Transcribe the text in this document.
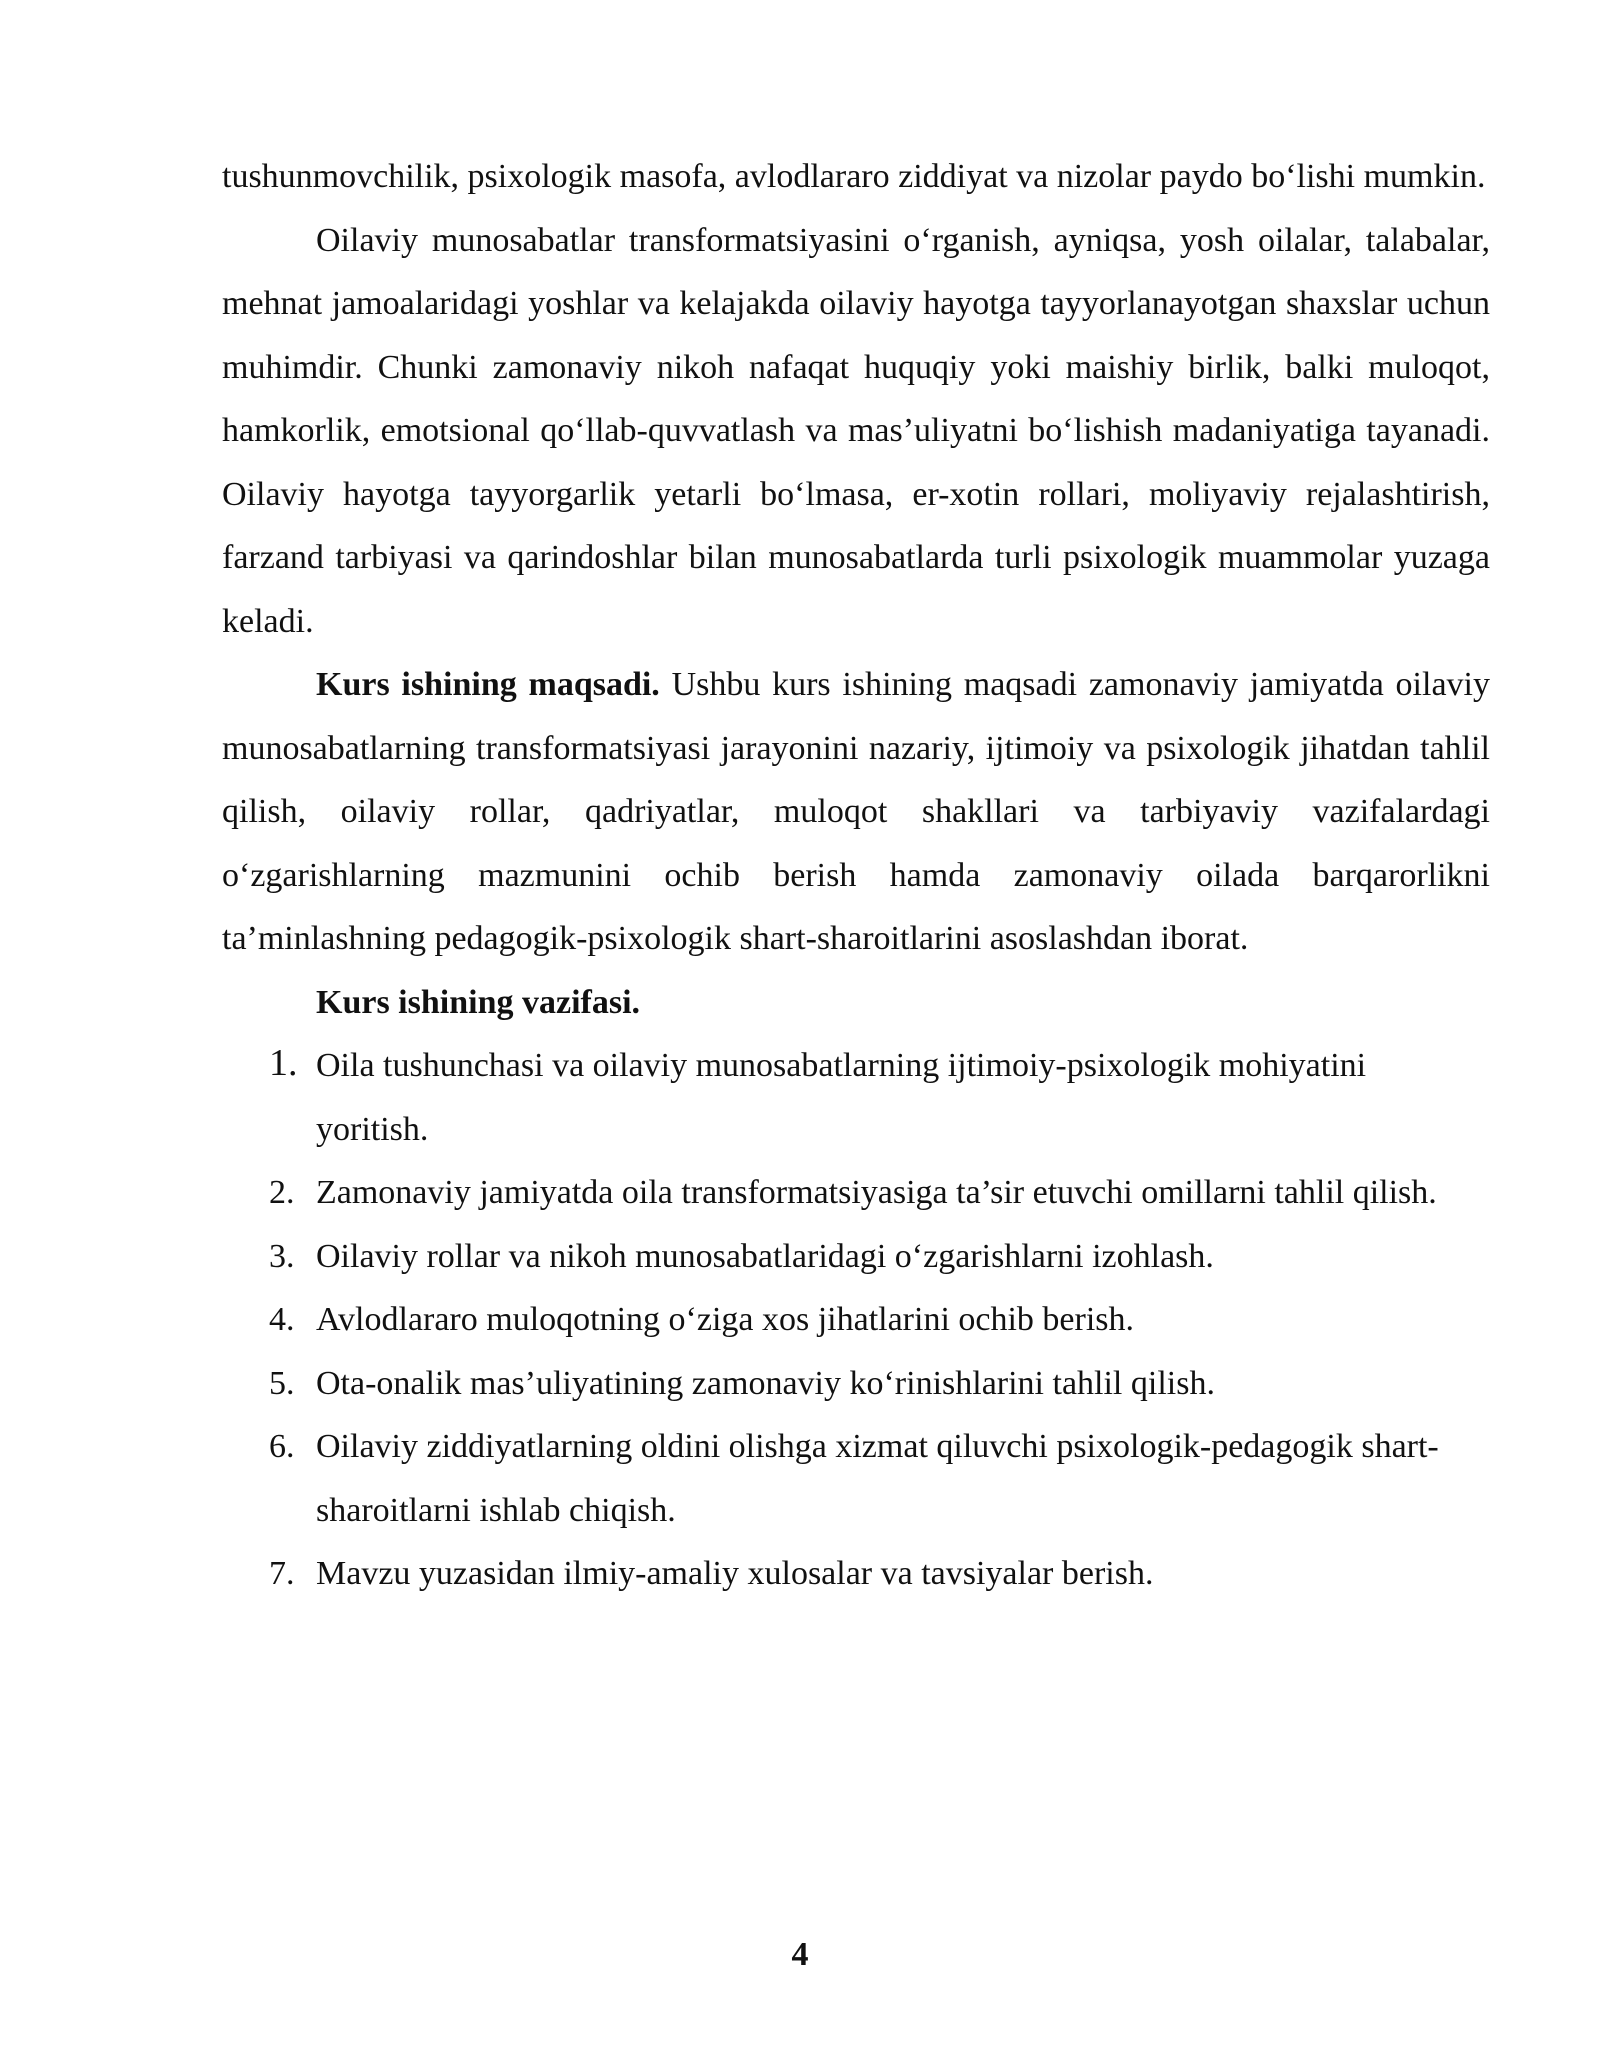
tushunmovchilik, psixologik masofa, avlodlararo ziddiyat va nizolar paydo bo‘lishi mumkin.

Oilaviy munosabatlar transformatsiyasini o‘rganish, ayniqsa, yosh oilalar, talabalar, mehnat jamoalaridagi yoshlar va kelajakda oilaviy hayotga tayyorlanayotgan shaxslar uchun muhimdir. Chunki zamonaviy nikoh nafaqat huquqiy yoki maishiy birlik, balki muloqot, hamkorlik, emotsional qo‘llab-quvvatlash va mas’uliyatni bo‘lishish madaniyatiga tayanadi. Oilaviy hayotga tayyorgarlik yetarli bo‘lmasa, er-xotin rollari, moliyaviy rejalashtirish, farzand tarbiyasi va qarindoshlar bilan munosabatlarda turli psixologik muammolar yuzaga keladi.

Kurs ishining maqsadi. Ushbu kurs ishining maqsadi zamonaviy jamiyatda oilaviy munosabatlarning transformatsiyasi jarayonini nazariy, ijtimoiy va psixologik jihatdan tahlil qilish, oilaviy rollar, qadriyatlar, muloqot shakllari va tarbiyaviy vazifalardagi o‘zgarishlarning mazmunini ochib berish hamda zamonaviy oilada barqarorlikni ta’minlashning pedagogik-psixologik shart-sharoitlarini asoslashdan iborat.

Kurs ishining vazifasi.

1. Oila tushunchasi va oilaviy munosabatlarning ijtimoiy-psixologik mohiyatini yoritish.
2. Zamonaviy jamiyatda oila transformatsiyasiga ta’sir etuvchi omillarni tahlil qilish.
3. Oilaviy rollar va nikoh munosabatlaridagi o‘zgarishlarni izohlash.
4. Avlodlararo muloqotning o‘ziga xos jihatlarini ochib berish.
5. Ota-onalik mas’uliyatining zamonaviy ko‘rinishlarini tahlil qilish.
6. Oilaviy ziddiyatlarning oldini olishga xizmat qiluvchi psixologik-pedagogik shart-sharoitlarni ishlab chiqish.
7. Mavzu yuzasidan ilmiy-amaliy xulosalar va tavsiyalar berish.
4
